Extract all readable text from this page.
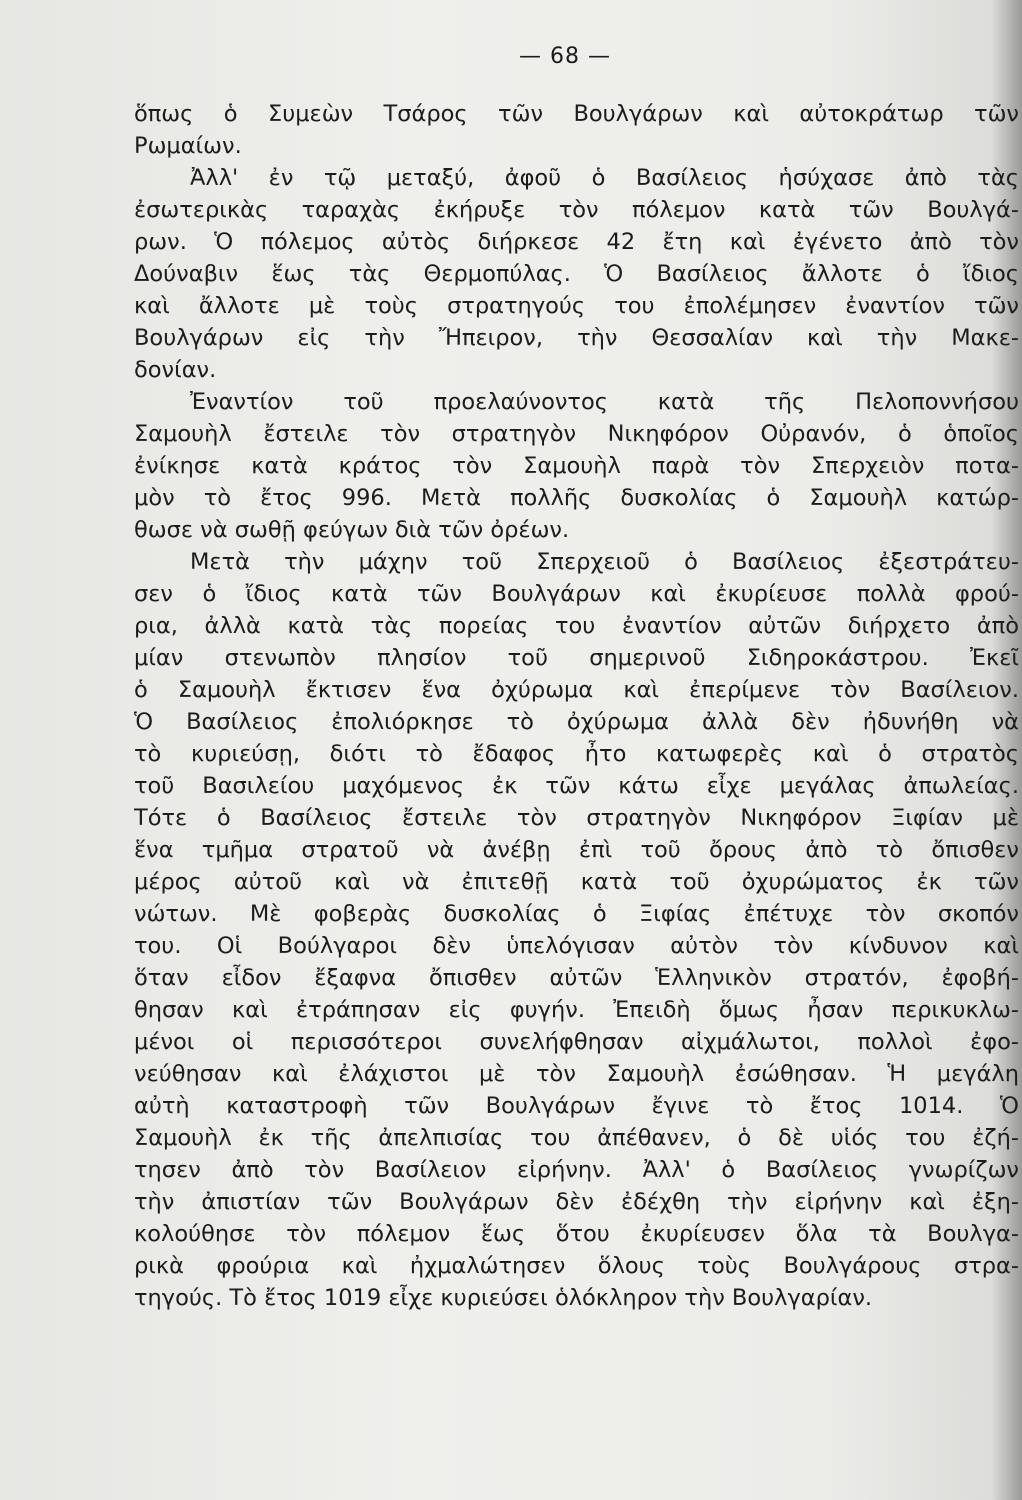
— 68 —
ὅπως ὁ Συμεὼν Τσάρος τῶν Βουλγάρων καὶ αὐτοκράτωρ τῶν
Ρωμαίων.
Ἀλλ' ἐν τῷ μεταξύ, ἀφοῦ ὁ Βασίλειος ἡσύχασε ἀπὸ τὰς
ἐσωτερικὰς ταραχὰς ἐκήρυξε τὸν πόλεμον κατὰ τῶν Βουλγά-
ρων. Ὁ πόλεμος αὐτὸς διήρκεσε 42 ἔτη καὶ ἐγένετο ἀπὸ τὸν
Δούναβιν ἕως τὰς Θερμοπύλας. Ὁ Βασίλειος ἄλλοτε ὁ ἴδιος
καὶ ἄλλοτε μὲ τοὺς στρατηγούς του ἐπολέμησεν ἐναντίον τῶν
Βουλγάρων εἰς τὴν Ἤπειρον, τὴν Θεσσαλίαν καὶ τὴν Μακε-
δονίαν.
Ἐναντίον τοῦ προελαύνοντος κατὰ τῆς Πελοποννήσου
Σαμουὴλ ἔστειλε τὸν στρατηγὸν Νικηφόρον Οὐρανόν, ὁ ὁποῖος
ἐνίκησε κατὰ κράτος τὸν Σαμουὴλ παρὰ τὸν Σπερχειὸν ποτα-
μὸν τὸ ἔτος 996. Μετὰ πολλῆς δυσκολίας ὁ Σαμουὴλ κατώρ-
θωσε νὰ σωθῇ φεύγων διὰ τῶν ὀρέων.
Μετὰ τὴν μάχην τοῦ Σπερχειοῦ ὁ Βασίλειος ἐξεστράτευ-
σεν ὁ ἴδιος κατὰ τῶν Βουλγάρων καὶ ἐκυρίευσε πολλὰ φρού-
ρια, ἀλλὰ κατὰ τὰς πορείας του ἐναντίον αὐτῶν διήρχετο ἀπὸ
μίαν στενωπὸν πλησίον τοῦ σημερινοῦ Σιδηροκάστρου. Ἐκεῖ
ὁ Σαμουὴλ ἔκτισεν ἕνα ὀχύρωμα καὶ ἐπερίμενε τὸν Βασίλειον.
Ὁ Βασίλειος ἐπολιόρκησε τὸ ὀχύρωμα ἀλλὰ δὲν ἠδυνήθη νὰ
τὸ κυριεύσῃ, διότι τὸ ἔδαφος ἦτο κατωφερὲς καὶ ὁ στρατὸς
τοῦ Βασιλείου μαχόμενος ἐκ τῶν κάτω εἶχε μεγάλας ἀπωλείας.
Τότε ὁ Βασίλειος ἔστειλε τὸν στρατηγὸν Νικηφόρον Ξιφίαν μὲ
ἕνα τμῆμα στρατοῦ νὰ ἀνέβῃ ἐπὶ τοῦ ὄρους ἀπὸ τὸ ὄπισθεν
μέρος αὐτοῦ καὶ νὰ ἐπιτεθῇ κατὰ τοῦ ὀχυρώματος ἐκ τῶν
νώτων. Μὲ φοβερὰς δυσκολίας ὁ Ξιφίας ἐπέτυχε τὸν σκοπόν
του. Οἱ Βούλγαροι δὲν ὑπελόγισαν αὐτὸν τὸν κίνδυνον καὶ
ὅταν εἶδον ἔξαφνα ὄπισθεν αὐτῶν Ἑλληνικὸν στρατόν, ἐφοβή-
θησαν καὶ ἐτράπησαν εἰς φυγήν. Ἐπειδὴ ὅμως ἦσαν περικυκλω-
μένοι οἱ περισσότεροι συνελήφθησαν αἰχμάλωτοι, πολλοὶ ἐφο-
νεύθησαν καὶ ἐλάχιστοι μὲ τὸν Σαμουὴλ ἐσώθησαν. Ἡ μεγάλη
αὐτὴ καταστροφὴ τῶν Βουλγάρων ἔγινε τὸ ἔτος 1014. Ὁ
Σαμουὴλ ἐκ τῆς ἀπελπισίας του ἀπέθανεν, ὁ δὲ υἱός του ἐζή-
τησεν ἀπὸ τὸν Βασίλειον εἰρήνην. Ἀλλ' ὁ Βασίλειος γνωρίζων
τὴν ἀπιστίαν τῶν Βουλγάρων δὲν ἐδέχθη τὴν εἰρήνην καὶ ἐξη-
κολούθησε τὸν πόλεμον ἕως ὅτου ἐκυρίευσεν ὅλα τὰ Βουλγα-
ρικὰ φρούρια καὶ ἠχμαλώτησεν ὅλους τοὺς Βουλγάρους στρα-
τηγούς. Τὸ ἔτος 1019 εἶχε κυριεύσει ὁλόκληρον τὴν Βουλγαρίαν.
